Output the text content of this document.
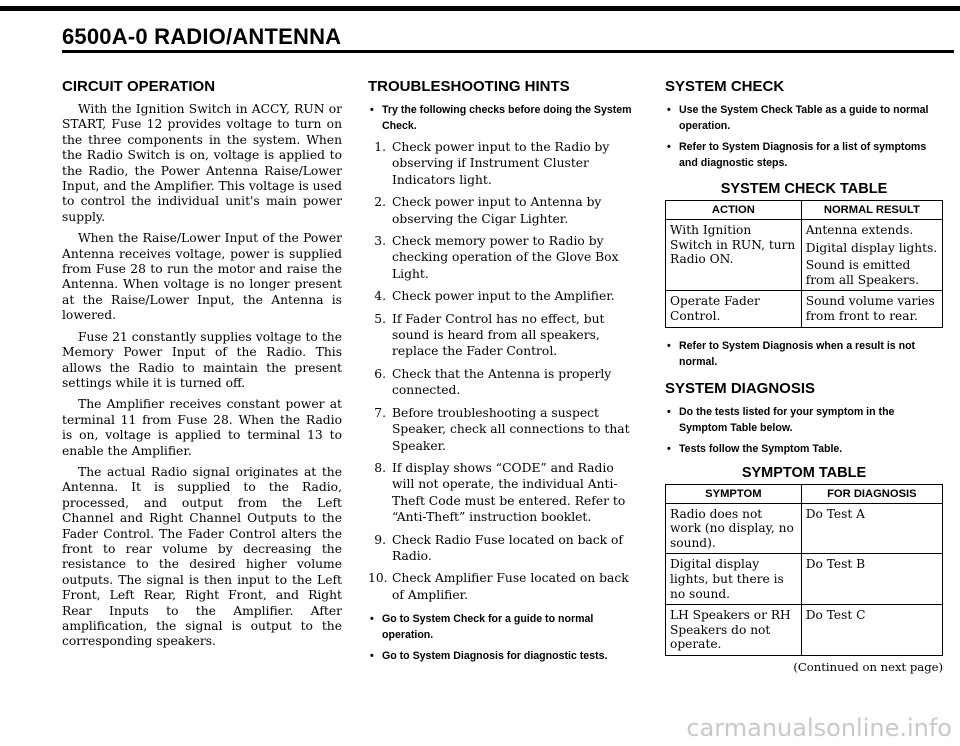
6500A-0 RADIO/ANTENNA
CIRCUIT OPERATION

With the Ignition Switch in ACCY, RUN or START, Fuse 12 provides voltage to turn on the three components in the system. When the Radio Switch is on, voltage is applied to the Radio, the Power Antenna Raise/Lower Input, and the Amplifier. This voltage is used to control the individual unit's main power supply.

When the Raise/Lower Input of the Power Antenna receives voltage, power is supplied from Fuse 28 to run the motor and raise the Antenna. When voltage is no longer present at the Raise/Lower Input, the Antenna is lowered.

Fuse 21 constantly supplies voltage to the Memory Power Input of the Radio. This allows the Radio to maintain the present settings while it is turned off.

The Amplifier receives constant power at terminal 11 from Fuse 28. When the Radio is on, voltage is applied to terminal 13 to enable the Amplifier.

The actual Radio signal originates at the Antenna. It is supplied to the Radio, processed, and output from the Left Channel and Right Channel Outputs to the Fader Control. The Fader Control alters the front to rear volume by decreasing the resistance to the desired higher volume outputs. The signal is then input to the Left Front, Left Rear, Right Front, and Right Rear Inputs to the Amplifier. After amplification, the signal is output to the corresponding speakers.

TROUBLESHOOTING HINTS
• Try the following checks before doing the System Check.
1. Check power input to the Radio by observing if Instrument Cluster Indicators light.
2. Check power input to Antenna by observing the Cigar Lighter.
3. Check memory power to Radio by checking operation of the Glove Box Light.
4. Check power input to the Amplifier.
5. If Fader Control has no effect, but sound is heard from all speakers, replace the Fader Control.
6. Check that the Antenna is properly connected.
7. Before troubleshooting a suspect Speaker, check all connections to that Speaker.
8. If display shows “CODE” and Radio will not operate, the individual Anti-Theft Code must be entered. Refer to “Anti-Theft” instruction booklet.
9. Check Radio Fuse located on back of Radio.
10. Check Amplifier Fuse located on back of Amplifier.
• Go to System Check for a guide to normal operation.
• Go to System Diagnosis for diagnostic tests.
SYSTEM CHECK
• Use the System Check Table as a guide to normal operation.
• Refer to System Diagnosis for a list of symptoms and diagnostic steps.
SYSTEM CHECK TABLE
ACTION	NORMAL RESULT
With Ignition Switch in RUN, turn Radio ON.	Antenna extends.
Digital display lights.
Sound is emitted from all Speakers.

Operate Fader Control.	Sound volume varies from front to rear.
• Refer to System Diagnosis when a result is not normal.
SYSTEM DIAGNOSIS
• Do the tests listed for your symptom in the Symptom Table below.
• Tests follow the Symptom Table.
SYMPTOM TABLE
SYMPTOM	FOR DIAGNOSIS
Radio does not work (no display, no sound).	Do Test A
Digital display lights, but there is no sound.	Do Test B
LH Speakers or RH Speakers do not operate.	Do Test C
(Continued on next page)
carmanualsonline.info
